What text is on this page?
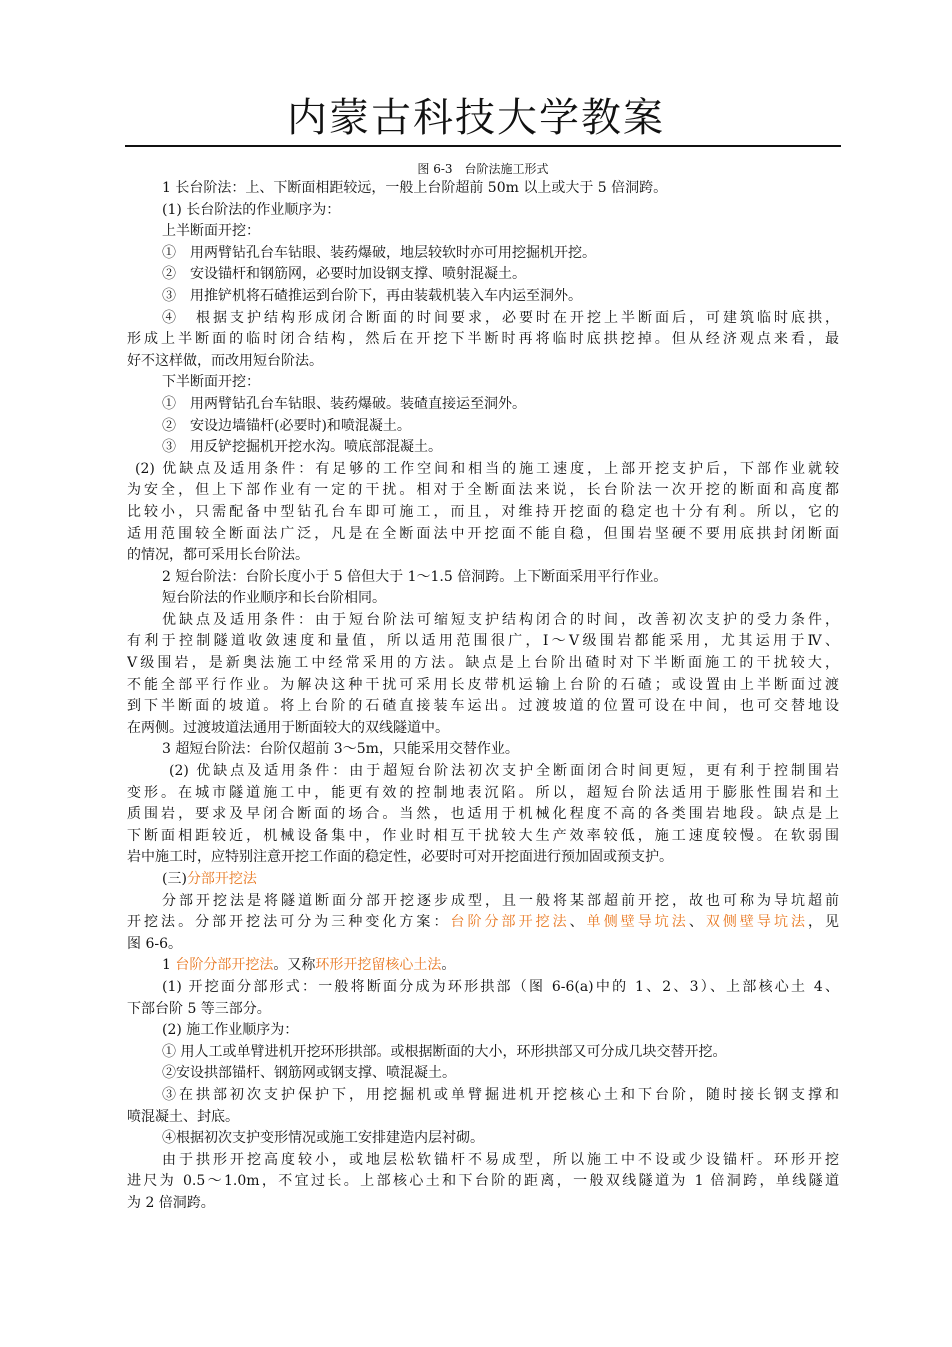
内蒙古科技大学教案
图 6-3　台阶法施工形式
1 长台阶法：上、下断面相距较远，一般上台阶超前 50m 以上或大于 5 倍洞跨。
(1) 长台阶法的作业顺序为：
上半断面开挖：
①　用两臂钻孔台车钻眼、装药爆破，地层较软时亦可用挖掘机开挖。
②　安设锚杆和钢筋网，必要时加设钢支撑、喷射混凝土。
③　用推铲机将石碴推运到台阶下，再由装载机装入车内运至洞外。
④　根据支护结构形成闭合断面的时间要求，必要时在开挖上半断面后，可建筑临时底拱，
形成上半断面的临时闭合结构，然后在开挖下半断时再将临时底拱挖掉。但从经济观点来看，最
好不这样做，而改用短台阶法。
下半断面开挖：
①　用两臂钻孔台车钻眼、装药爆破。装碴直接运至洞外。
②　安设边墙锚杆(必要时)和喷混凝土。
③　用反铲挖掘机开挖水沟。喷底部混凝土。
(2) 优缺点及适用条件：有足够的工作空间和相当的施工速度，上部开挖支护后，下部作业就较
为安全，但上下部作业有一定的干扰。相对于全断面法来说，长台阶法一次开挖的断面和高度都
比较小，只需配备中型钻孔台车即可施工，而且，对维持开挖面的稳定也十分有利。所以，它的
适用范围较全断面法广泛，凡是在全断面法中开挖面不能自稳，但围岩坚硬不要用底拱封闭断面
的情况，都可采用长台阶法。
2 短台阶法：台阶长度小于 5 倍但大于 1～1.5 倍洞跨。上下断面采用平行作业。
短台阶法的作业顺序和长台阶相同。
优缺点及适用条件：由于短台阶法可缩短支护结构闭合的时间，改善初次支护的受力条件，
有利于控制隧道收敛速度和量值，所以适用范围很广，Ⅰ～Ⅴ级围岩都能采用，尤其运用于Ⅳ、
Ⅴ级围岩，是新奥法施工中经常采用的方法。缺点是上台阶出碴时对下半断面施工的干扰较大，
不能全部平行作业。为解决这种干扰可采用长皮带机运输上台阶的石碴；或设置由上半断面过渡
到下半断面的坡道。将上台阶的石碴直接装车运出。过渡坡道的位置可设在中间，也可交替地设
在两侧。过渡坡道法通用于断面较大的双线隧道中。
3 超短台阶法：台阶仅超前 3～5m，只能采用交替作业。
(2) 优缺点及适用条件：由于超短台阶法初次支护全断面闭合时间更短，更有利于控制围岩
变形。在城市隧道施工中，能更有效的控制地表沉陷。所以，超短台阶法适用于膨胀性围岩和土
质围岩，要求及早闭合断面的场合。当然，也适用于机械化程度不高的各类围岩地段。缺点是上
下断面相距较近，机械设备集中，作业时相互干扰较大生产效率较低，施工速度较慢。在软弱围
岩中施工时，应特别注意开挖工作面的稳定性，必要时可对开挖面进行预加固或预支护。
(三)分部开挖法
分部开挖法是将隧道断面分部开挖逐步成型，且一般将某部超前开挖，故也可称为导坑超前
开挖法。分部开挖法可分为三种变化方案：台阶分部开挖法、单侧壁导坑法、双侧壁导坑法，见
图 6-6。
1 台阶分部开挖法。又称环形开挖留核心土法。
(1) 开挖面分部形式：一般将断面分成为环形拱部（图 6-6(a)中的 1、2、3）、上部核心土 4、
下部台阶 5 等三部分。
(2) 施工作业顺序为：
① 用人工或单臂进机开挖环形拱部。或根据断面的大小，环形拱部又可分成几块交替开挖。
②安设拱部锚杆、钢筋网或钢支撑、喷混凝土。
③在拱部初次支护保护下，用挖掘机或单臂掘进机开挖核心土和下台阶，随时接长钢支撑和
喷混凝土、封底。
④根据初次支护变形情况或施工安排建造内层衬砌。
由于拱形开挖高度较小，或地层松软锚杆不易成型，所以施工中不设或少设锚杆。环形开挖
进尺为 0.5～1.0m，不宜过长。上部核心土和下台阶的距离，一般双线隧道为 1 倍洞跨，单线隧道
为 2 倍洞跨。
